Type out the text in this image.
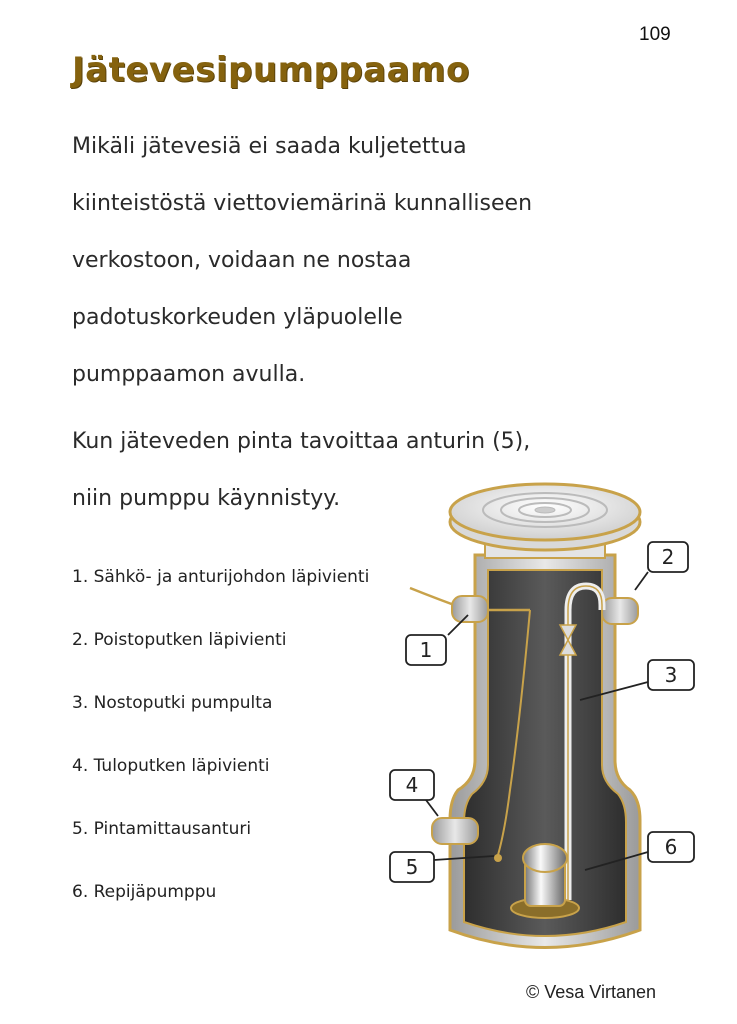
109
Jätevesipumppaamo

Mikäli jätevesiä ei saada kuljetettua
kiinteistöstä viettoviemärinä kunnalliseen
verkostoon, voidaan ne nostaa
padotuskorkeuden yläpuolelle
pumppaamon avulla.

Kun jäteveden pinta tavoittaa anturin (5),
niin pumppu käynnistyy.

1. Sähkö- ja anturijohdon läpivienti
2. Poistoputken läpivienti
3. Nostoputki pumpulta
4. Tuloputken läpivienti
5. Pintamittausanturi
6. Repijäpumppu
1
2
3
4
5
6
© Vesa Virtanen
